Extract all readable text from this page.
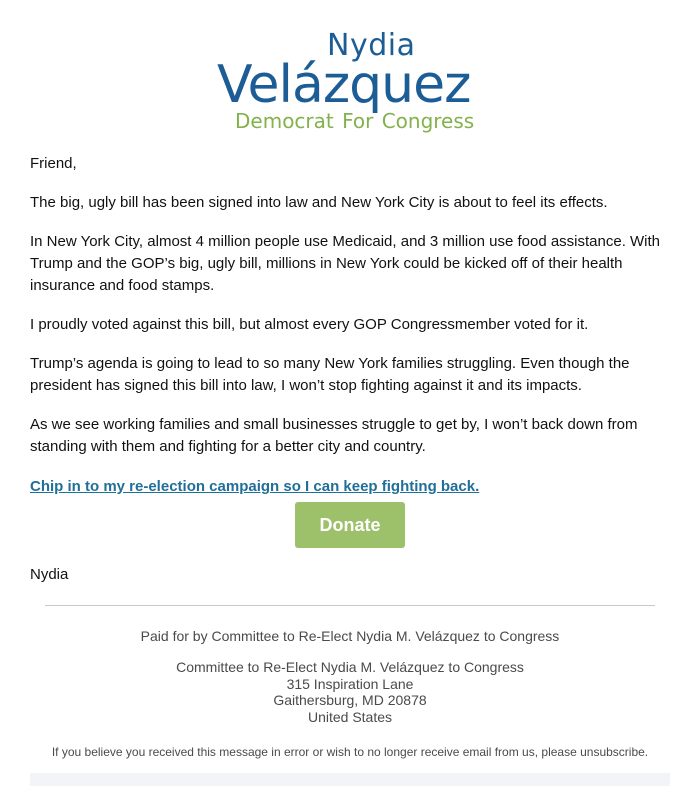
Nydia
Velázquez
Democrat For Congress

Friend,

The big, ugly bill has been signed into law and New York City is about to feel its effects.

In New York City, almost 4 million people use Medicaid, and 3 million use food assistance. With Trump and the GOP’s big, ugly bill, millions in New York could be kicked off of their health insurance and food stamps.

I proudly voted against this bill, but almost every GOP Congressmember voted for it.

Trump’s agenda is going to lead to so many New York families struggling. Even though the president has signed this bill into law, I won’t stop fighting against it and its impacts.

As we see working families and small businesses struggle to get by, I won’t back down from standing with them and fighting for a better city and country.

Chip in to my re-election campaign so I can keep fighting back.
Donate

Nydia

Paid for by Committee to Re-Elect Nydia M. Velázquez to Congress
Committee to Re-Elect Nydia M. Velázquez to Congress
315 Inspiration Lane
Gaithersburg, MD 20878
United States
If you believe you received this message in error or wish to no longer receive email from us, please unsubscribe.
